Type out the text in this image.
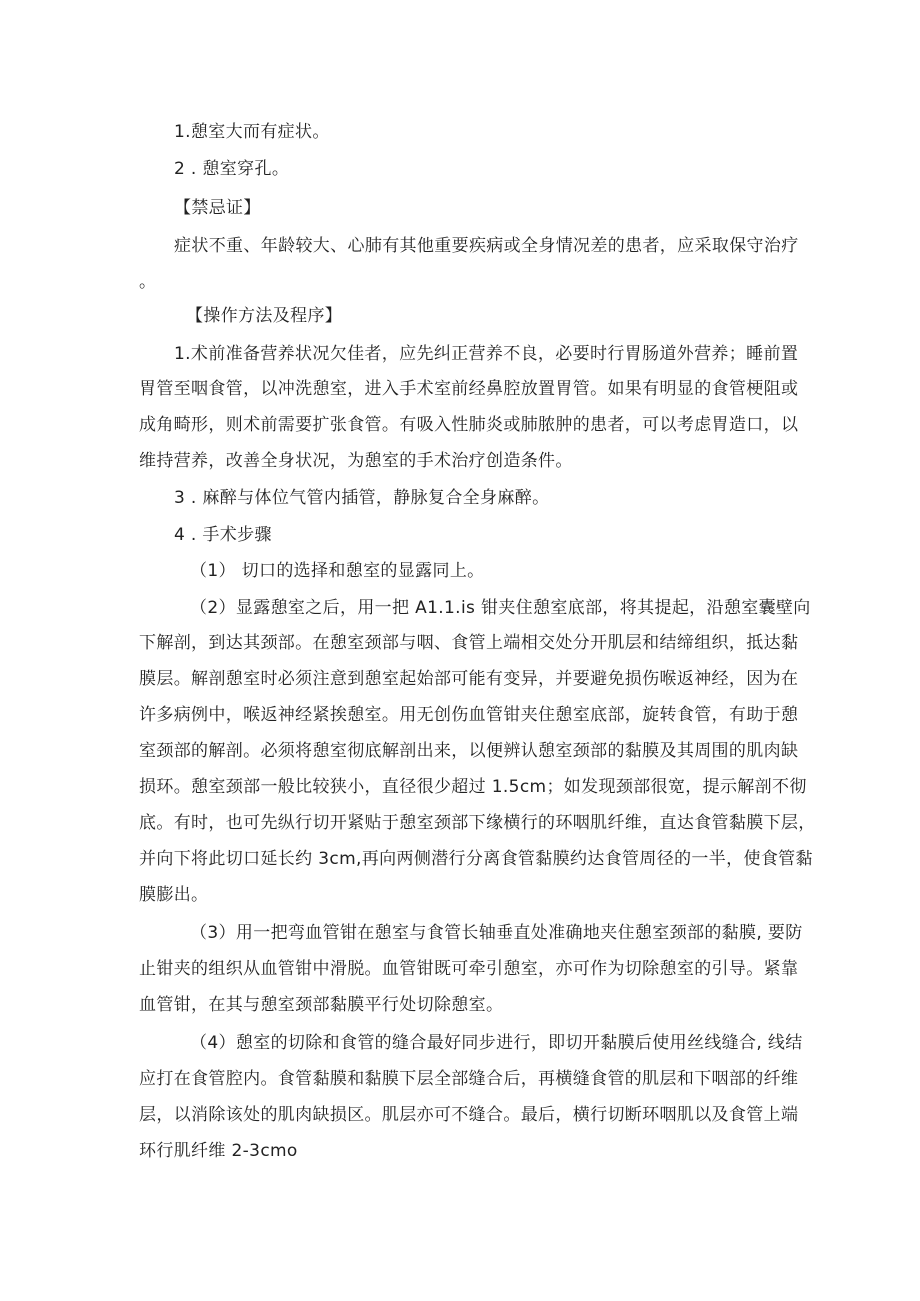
1.憩室大而有症状。
2 . 憩室穿孔。
【禁忌证】
症状不重、年龄较大、心肺有其他重要疾病或全身情况差的患者，应采取保守治疗
。
【操作方法及程序】
1.术前准备营养状况欠佳者，应先纠正营养不良，必要时行胃肠道外营养；睡前置
胃管至咽食管，以冲洗憩室，进入手术室前经鼻腔放置胃管。如果有明显的食管梗阻或
成角畸形，则术前需要扩张食管。有吸入性肺炎或肺脓肿的患者，可以考虑胃造口，以
维持营养，改善全身状况，为憩室的手术治疗创造条件。
3 . 麻醉与体位气管内插管，静脉复合全身麻醉。
4 . 手术步骤
（1） 切口的选择和憩室的显露同上。
（2）显露憩室之后，用一把 A1.1.is 钳夹住憩室底部，将其提起，沿憩室囊壁向
下解剖，到达其颈部。在憩室颈部与咽、食管上端相交处分开肌层和结缔组织，抵达黏
膜层。解剖憩室时必须注意到憩室起始部可能有变异，并要避免损伤喉返神经，因为在
许多病例中，喉返神经紧挨憩室。用无创伤血管钳夹住憩室底部，旋转食管，有助于憩
室颈部的解剖。必须将憩室彻底解剖出来，以便辨认憩室颈部的黏膜及其周围的肌肉缺
损环。憩室颈部一般比较狭小，直径很少超过 1.5cm；如发现颈部很宽，提示解剖不彻
底。有时，也可先纵行切开紧贴于憩室颈部下缘横行的环咽肌纤维，直达食管黏膜下层，
并向下将此切口延长约 3cm,再向两侧潜行分离食管黏膜约达食管周径的一半，使食管黏
膜膨出。
（3）用一把弯血管钳在憩室与食管长轴垂直处准确地夹住憩室颈部的黏膜, 要防
止钳夹的组织从血管钳中滑脱。血管钳既可牵引憩室，亦可作为切除憩室的引导。紧靠
血管钳，在其与憩室颈部黏膜平行处切除憩室。
（4）憩室的切除和食管的缝合最好同步进行，即切开黏膜后使用丝线缝合, 线结
应打在食管腔内。食管黏膜和黏膜下层全部缝合后，再横缝食管的肌层和下咽部的纤维
层，以消除该处的肌肉缺损区。肌层亦可不缝合。最后，横行切断环咽肌以及食管上端
环行肌纤维 2-3cmo
